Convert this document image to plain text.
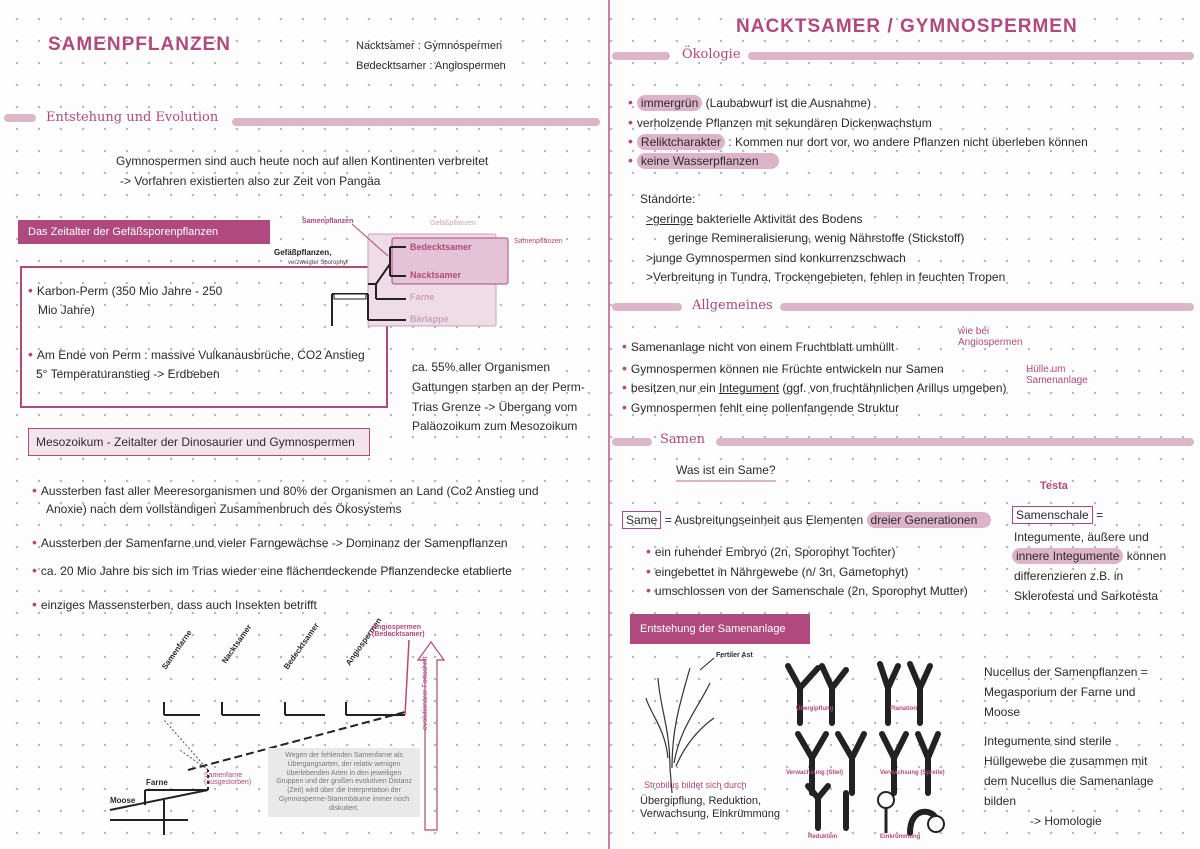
SAMENPFLANZEN	Nacktsamer : Gymnospermen
Bedecktsamer : Angiospermen
Entstehung und Evolution
Gymnospermen sind auch heute noch auf allen Kontinenten verbreitet
-> Vorfahren existierten also zur Zeit von Pangäa
Das Zeitalter der Gefäßsporenpflanzen
• Karbon-Perm (350 Mio Jahre - 250
Mio Jahre)
• Am Ende von Perm : massive Vulkanausbrüche, CO2 Anstieg
5° Temperaturanstieg -> Erdbeben	ca. 55% aller Organismen
Gattungen starben an der Perm-
Trias Grenze -> Übergang vom
Paläozoikum zum Mesozoikum
Samenpflanzen	Gefäßpflanzen
Gefäßpflanzen,
verzweigter Sporophyt
Bedecktsamer
Nacktsamer
Farne
Bärlappe
Samenpflanzen
Mesozoikum - Zeitalter der Dinosaurier und Gymnospermen
• Aussterben fast aller Meeresorganismen und 80% der Organismen an Land (Co2 Anstieg und
Anoxie) nach dem vollständigen Zusammenbruch des Ökosystems
• Aussterben der Samenfarne und vieler Farngewächse -> Dominanz der Samenpflanzen
• ca. 20 Mio Jahre bis sich im Trias wieder eine flächendeckende Pflanzendecke etablierte
• einziges Massensterben, dass auch Insekten betrifft
Samenfarne	Nacktsamer	Bedecktsamer	Angiospermen
Angiospermen (Bedecktsamer)
Farne
Moose
Samenfarne (ausgestorben)
evolutionärer Fortschritt
Wegen der fehlenden Samenfarne als Übergangsarten, der relativ wenigen überlebenden Arten in den jeweiligen Gruppen und der großen evolutiven Distanz (Zeit) wird über die Interpretation der Gymnosperme-Stammbäume immer noch diskutiert.
NACKTSAMER / GYMNOSPERMEN
Ökologie
• immergrün (Laubabwurf ist die Ausnahme)
• verholzende Pflanzen mit sekundären Dickenwachstum
• Reliktcharakter : Kommen nur dort vor, wo andere Pflanzen nicht überleben können
• keine Wasserpflanzen
Standorte:
>geringe bakterielle Aktivität des Bodens
geringe Remineralisierung, wenig Nährstoffe (Stickstoff)
>junge Gymnospermen sind konkurrenzschwach
>Verbreitung in Tundra, Trockengebieten, fehlen in feuchten Tropen
Allgemeines
• Samenanlage nicht von einem Fruchtblatt umhüllt
wie bei Angiospermen
• Gymnospermen können nie Früchte entwickeln nur Samen
• besitzen nur ein Integument (ggf. von fruchtähnlichen Arillus umgeben)
Hülle um Samenanlage
• Gymnospermen fehlt eine pollenfangende Struktur
Samen
Was ist ein Same?
Same = Ausbreitungseinheit aus Elementen dreier Generationen
• ein ruhender Embryo (2n, Sporophyt Tochter)
• eingebettet in Nährgewebe (n/ 3n, Gametophyt)
• umschlossen von der Samenschale (2n, Sporophyt Mutter)
Testa
Samenschale =
Integumente, äußere und
innere Integumente können
differenzieren z.B. in
Sklerotesta und Sarkotesta
Entstehung der Samenanlage
Fertiler Ast
Übergipflung	Planation
Verwachsung (Stiel)	Verwachsung (Spreite)
Reduktion	Einkrümmung
Strobilus bildet sich durch
Übergipflung, Reduktion,
Verwachsung, Einkrümmung
Nucellus der Samenpflanzen =
Megasporium der Farne und
Moose
Integumente sind sterile
Hüllgewebe die zusammen mit
dem Nucellus die Samenanlage
bilden
-> Homologie
